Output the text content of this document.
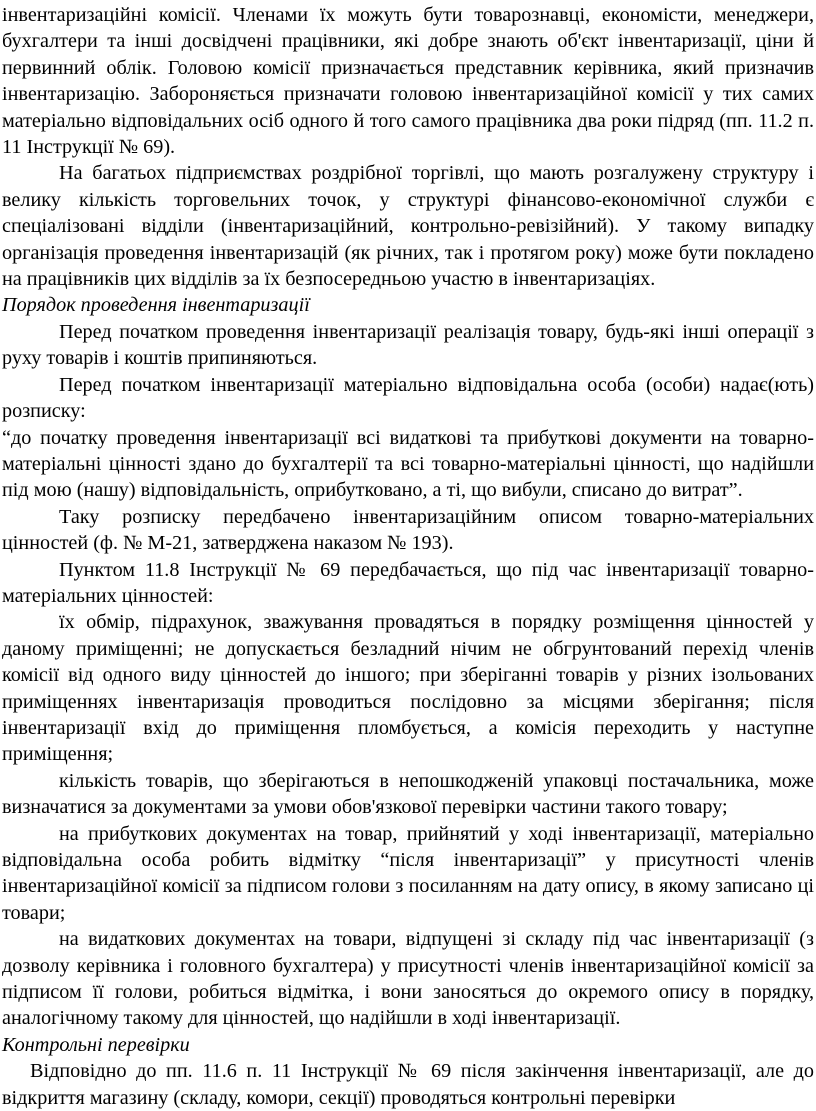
інвентаризаційні комісії. Членами їх можуть бути товарознавці, економісти, менеджери, бухгалтери та інші досвідчені працівники, які добре знають об'єкт інвентаризації, ціни й первинний облік. Головою комісії призначається представник керівника, який призначив інвентаризацію. Забороняється призначати головою інвентаризаційної комісії у тих самих матеріально відповідальних осіб одного й того самого працівника два роки підряд (пп. 11.2 п. 11 Інструкції № 69).

На багатьох підприємствах роздрібної торгівлі, що мають розгалужену структуру і велику кількість торговельних точок, у структурі фінансово-економічної служби є спеціалізовані відділи (інвентаризаційний, контрольно-ревізійний). У такому випадку організація проведення інвентаризацій (як річних, так і протягом року) може бути покладено на працівників цих відділів за їх безпосередньою участю в інвентаризаціях.

Порядок проведення інвентаризації

Перед початком проведення інвентаризації реалізація товару, будь-які інші операції з руху товарів і коштів припиняються.

Перед початком інвентаризації матеріально відповідальна особа (особи) надає(ють) розписку:

“до початку проведення інвентаризації всі видаткові та прибуткові документи на товарно-матеріальні цінності здано до бухгалтерії та всі товарно-матеріальні цінності, що надійшли під мою (нашу) відповідальність, оприбутковано, а ті, що вибули, списано до витрат”.

Таку розписку передбачено інвентаризаційним описом товарно-матеріальних цінностей (ф. № М-21, затверджена наказом № 193).

Пунктом 11.8 Інструкції № 69 передбачається, що під час інвентаризації товарно-матеріальних цінностей:

їх обмір, підрахунок, зважування провадяться в порядку розміщення цінностей у даному приміщенні; не допускається безладний нічим не обгрунтований перехід членів комісії від одного виду цінностей до іншого; при зберіганні товарів у різних ізольованих приміщеннях інвентаризація проводиться послідовно за місцями зберігання; після інвентаризації вхід до приміщення пломбується, а комісія переходить у наступне приміщення;

кількість товарів, що зберігаються в непошкодженій упаковці постачальника, може визначатися за документами за умови обов'язкової перевірки частини такого товару;

на прибуткових документах на товар, прийнятий у ході інвентаризації, матеріально відповідальна особа робить відмітку “після інвентаризації” у присутності членів інвентаризаційної комісії за підписом голови з посиланням на дату опису, в якому записано ці товари;

на видаткових документах на товари, відпущені зі складу під час інвентаризації (з дозволу керівника і головного бухгалтера) у присутності членів інвентаризаційної комісії за підписом її голови, робиться відмітка, і вони заносяться до окремого опису в порядку, аналогічному такому для цінностей, що надійшли в ході інвентаризації.

Контрольні перевірки

Відповідно до пп. 11.6 п. 11 Інструкції № 69 після закінчення інвентаризації, але до відкриття магазину (складу, комори, секції) проводяться контрольні перевірки
